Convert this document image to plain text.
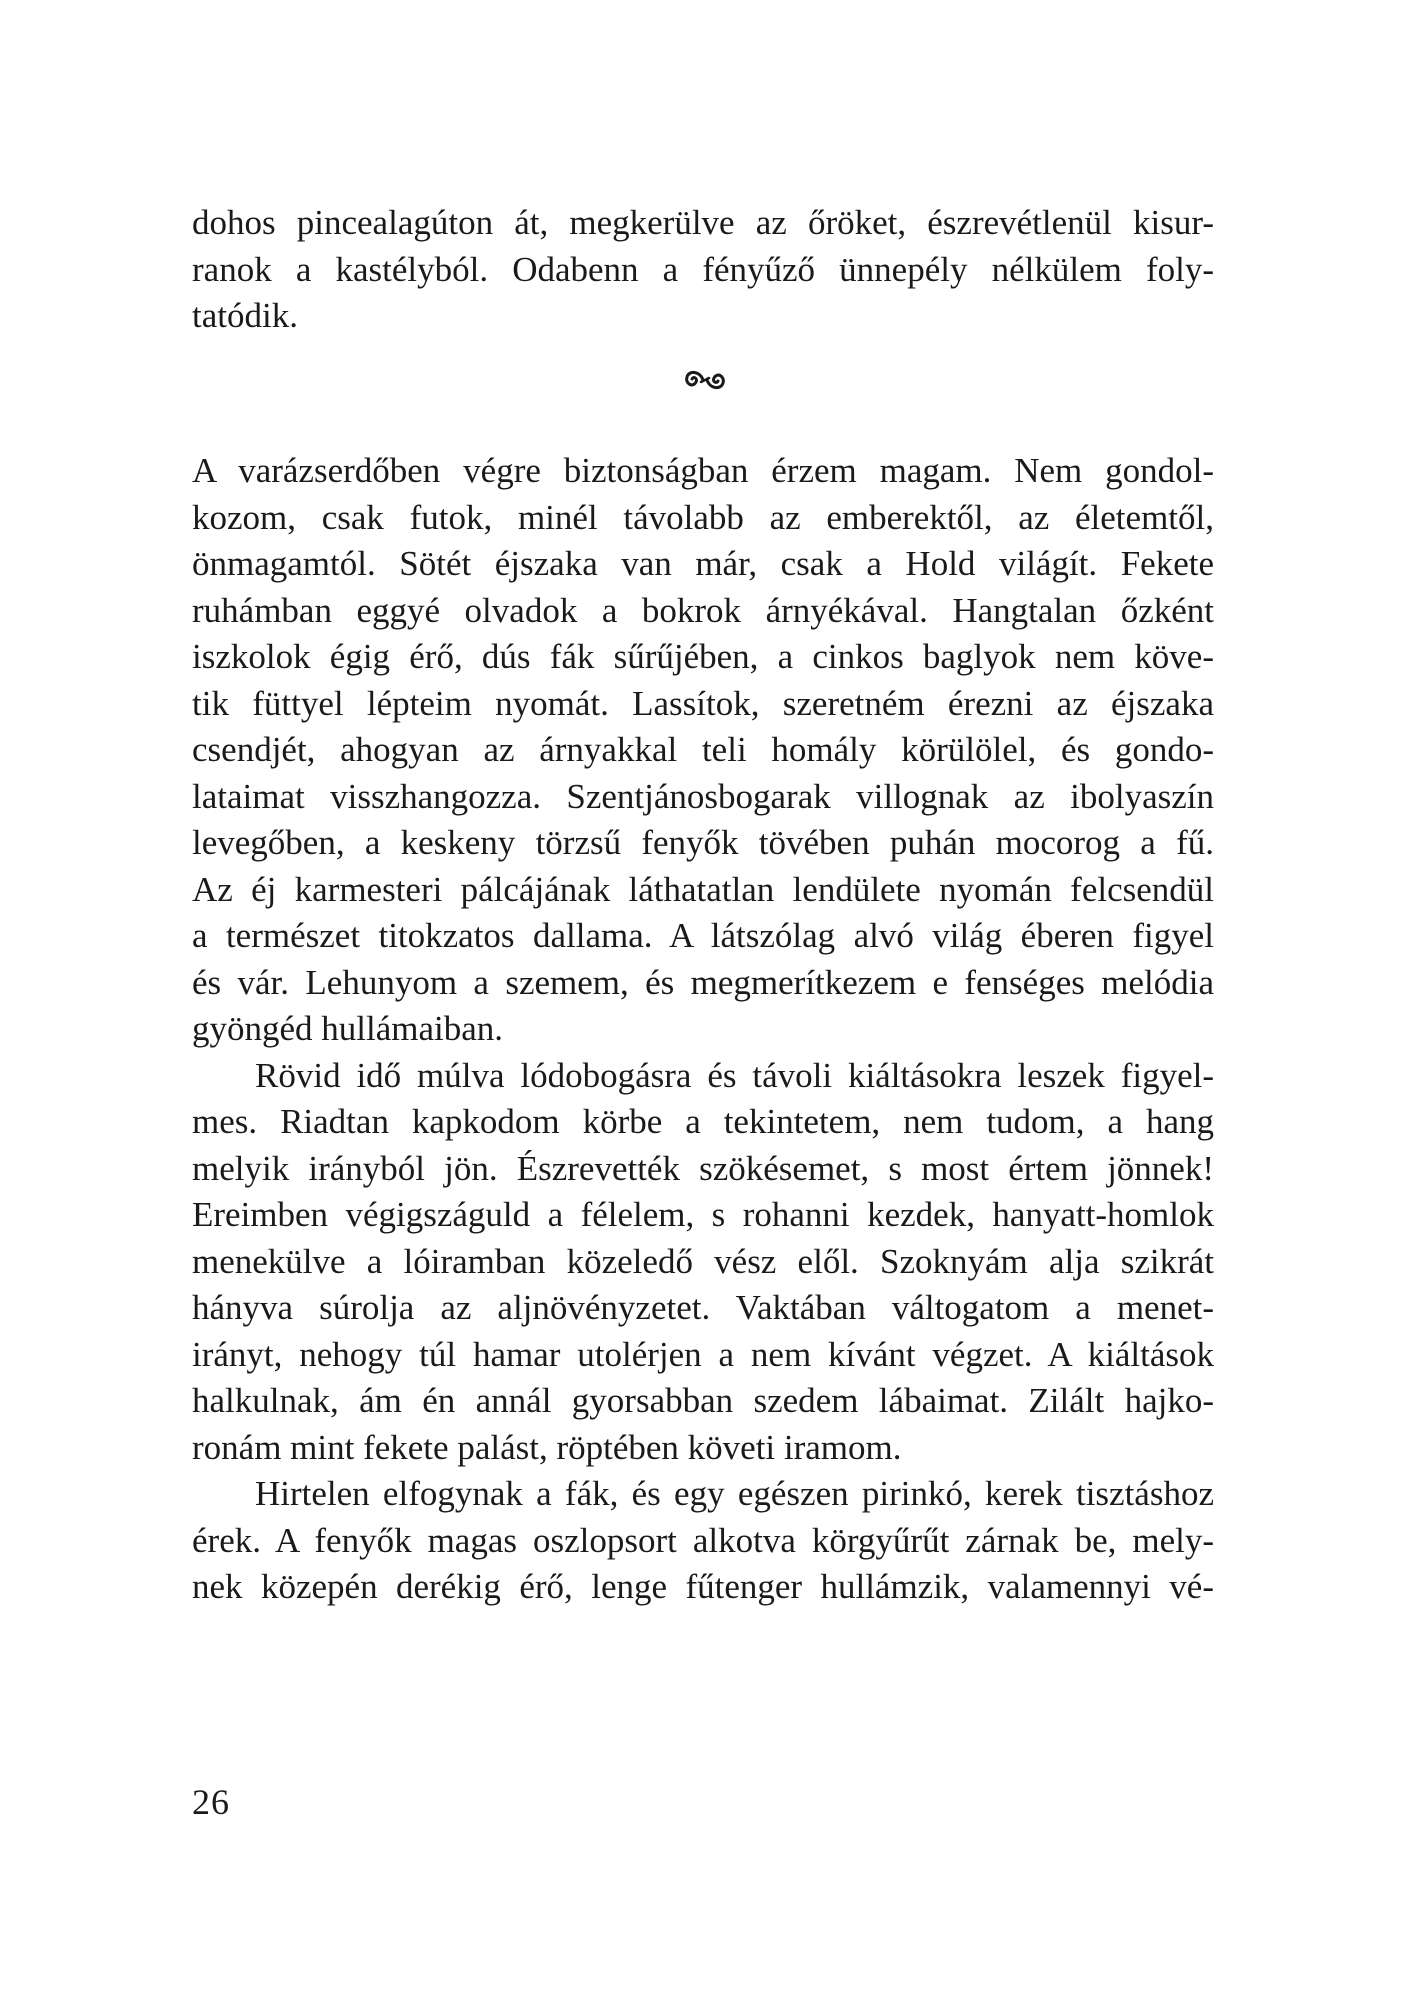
dohos pincealagúton át, megkerülve az őröket, észrevétlenül kisur-
ranok a kastélyból. Odabenn a fényűző ünnepély nélkülem foly-
tatódik.
A varázserdőben végre biztonságban érzem magam. Nem gondol-
kozom, csak futok, minél távolabb az emberektől, az életemtől,
önmagamtól. Sötét éjszaka van már, csak a Hold világít. Fekete
ruhámban eggyé olvadok a bokrok árnyékával. Hangtalan őzként
iszkolok égig érő, dús fák sűrűjében, a cinkos baglyok nem köve-
tik füttyel lépteim nyomát. Lassítok, szeretném érezni az éjszaka
csendjét, ahogyan az árnyakkal teli homály körülölel, és gondo-
lataimat visszhangozza. Szentjánosbogarak villognak az ibolyaszín
levegőben, a keskeny törzsű fenyők tövében puhán mocorog a fű.
Az éj karmesteri pálcájának láthatatlan lendülete nyomán felcsendül
a természet titokzatos dallama. A látszólag alvó világ éberen figyel
és vár. Lehunyom a szemem, és megmerítkezem e fenséges melódia
gyöngéd hullámaiban.
Rövid idő múlva lódobogásra és távoli kiáltásokra leszek figyel-
mes. Riadtan kapkodom körbe a tekintetem, nem tudom, a hang
melyik irányból jön. Észrevették szökésemet, s most értem jönnek!
Ereimben végigszáguld a félelem, s rohanni kezdek, hanyatt-homlok
menekülve a lóiramban közeledő vész elől. Szoknyám alja szikrát
hányva súrolja az aljnövényzetet. Vaktában váltogatom a menet-
irányt, nehogy túl hamar utolérjen a nem kívánt végzet. A kiáltások
halkulnak, ám én annál gyorsabban szedem lábaimat. Zilált hajko-
ronám mint fekete palást, röptében követi iramom.
Hirtelen elfogynak a fák, és egy egészen pirinkó, kerek tisztáshoz
érek. A fenyők magas oszlopsort alkotva körgyűrűt zárnak be, mely-
nek közepén derékig érő, lenge fűtenger hullámzik, valamennyi vé-
26
